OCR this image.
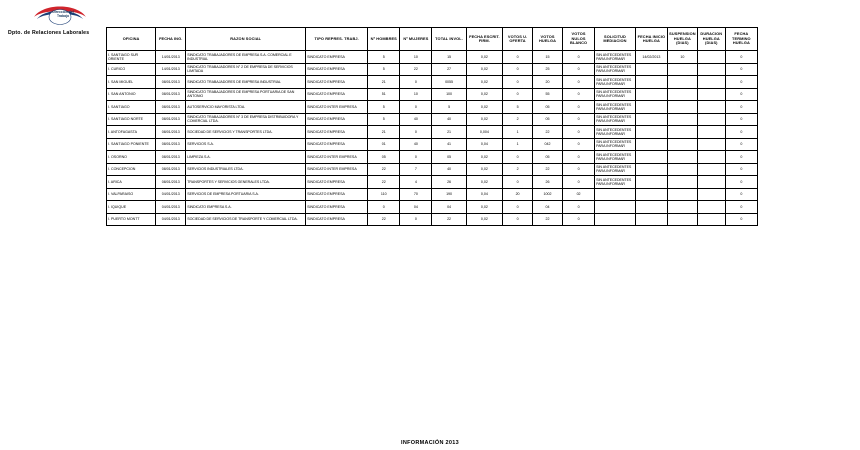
Dirección del
Trabajo
Dpto. de Relaciones Laborales
OFICINA	FECHA ING.	RAZON SOCIAL	TIPO REPRES. TRABJ.	Nº HOMBRES	Nº MUJERES	TOTAL INVOL.	FECHA ESCRIT. FIRM.	VOTOS U. OFERTA	VOTOS HUELGA	VOTOS NULOS BLANCO	SOLICITUD MEDIACION	FECHA INICIO HUELGA	SUSPENSION HUELGA (DIAS)	DURACION HUELGA (DIAS)	FECHA TERMINO HUELGA
I. SANTIAGO SUR ORIENTE	14/01/2013	SINDICATO TRABAJADORES DE EMPRESA S.A. COMERCIAL E INDUSTRIAL	SINDICATO EMPRESA	5	10	15	0,02	0	15	0	SIN ANTECEDENTES PARA INFORMAR	14/02/2013	10		0
I. CURICO	14/01/2013	SINDICATO TRABAJADORES N° 2 DE EMPRESA DE SERVICIOS LIMITADA	SINDICATO EMPRESA	5	22	27	0,02	0	25	0	SIN ANTECEDENTES PARA INFORMAR				0
I. SAN MIGUEL	08/01/2013	SINDICATO TRABAJADORES DE EMPRESA INDUSTRIAL	SINDICATO EMPRESA	21	0	0055	0,02	0	20	0	SIN ANTECEDENTES PARA INFORMAR				0
I. SAN ANTONIO	08/01/2013	SINDICATO TRABAJADORES DE EMPRESA PORTUARIA DE SAN ANTONIO	SINDICATO EMPRESA	51	10	100	0,02	0	55	0	SIN ANTECEDENTES PARA INFORMAR				0
I. SANTIAGO	08/01/2013	AUTOSERVICIO MAYORISTA LTDA.	SINDICATO INTER EMPRESA	5	0	5	0,02	5	05	0	SIN ANTECEDENTES PARA INFORMAR				0
I. SANTIAGO NORTE	08/01/2013	SINDICATO TRABAJADORES N° 3 DE EMPRESA DISTRIBUIDORA Y COMERCIAL LTDA.	SINDICATO EMPRESA	5	40	40	0,02	2	05	0	SIN ANTECEDENTES PARA INFORMAR				0
I. ANTOFAGASTA	08/01/2013	SOCIEDAD DE SERVICIOS Y TRANSPORTES LTDA.	SINDICATO EMPRESA	21	0	21	0,004	1	22	0	SIN ANTECEDENTES PARA INFORMAR				0
I. SANTIAGO PONIENTE	08/01/2013	SERVICIOS S.A.	SINDICATO EMPRESA	01	40	41	0,04	1	042	0	SIN ANTECEDENTES PARA INFORMAR				0
I. OSORNO	08/01/2013	LIMPIEZA S.A.	SINDICATO INTER EMPRESA	05	0	05	0,02	0	05	0	SIN ANTECEDENTES PARA INFORMAR				0
I. CONCEPCION	08/01/2013	SERVICIOS INDUSTRIALES LTDA.	SINDICATO INTER EMPRESA	22	7	40	0,02	2	22	0	SIN ANTECEDENTES PARA INFORMAR				0
I. ARICA	08/01/2013	TRANSPORTES Y SERVICIOS GENERALES LTDA.	SINDICATO EMPRESA	22	4	26	0,02	0	26	0	SIN ANTECEDENTES PARA INFORMAR				0
I. VALPARAISO	04/01/2013	SERVICIOS DE EMPRESA PORTUARIA S.A.	SINDICATO EMPRESA	110	70	190	0,04	20	1002	02					0
I. IQUIQUE	04/01/2013	SINDICATO EMPRESA S.A.	SINDICATO EMPRESA	0	04	04	0,02	0	04	0					0
I. PUERTO MONTT	04/01/2013	SOCIEDAD DE SERVICIOS DE TRANSPORTE Y COMERCIAL LTDA.	SINDICATO EMPRESA	22	0	22	0,02	0	22	0					0
INFORMACIÓN 2013
